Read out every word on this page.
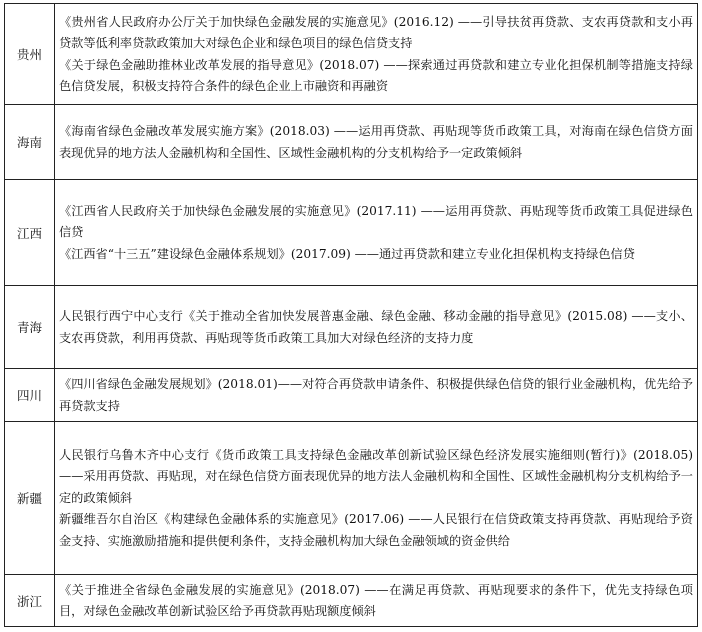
贵州	《贵州省人民政府办公厅关于加快绿色金融发展的实施意见》(2016.12) ——引导扶贫再贷款、支农再贷款和支小再贷款等低利率贷款政策加大对绿色企业和绿色项目的绿色信贷支持

《关于绿色金融助推林业改革发展的指导意见》(2018.07) ——探索通过再贷款和建立专业化担保机制等措施支持绿色信贷发展，积极支持符合条件的绿色企业上市融资和再融资

海南	《海南省绿色金融改革发展实施方案》(2018.03) ——运用再贷款、再贴现等货币政策工具，对海南在绿色信贷方面表现优异的地方法人金融机构和全国性、区域性金融机构的分支机构给予一定政策倾斜

江西	《江西省人民政府关于加快绿色金融发展的实施意见》(2017.11) ——运用再贷款、再贴现等货币政策工具促进绿色信贷

《江西省“十三五”建设绿色金融体系规划》(2017.09) ——通过再贷款和建立专业化担保机构支持绿色信贷

青海	人民银行西宁中心支行《关于推动全省加快发展普惠金融、绿色金融、移动金融的指导意见》(2015.08) ——支小、支农再贷款，利用再贷款、再贴现等货币政策工具加大对绿色经济的支持力度

四川	《四川省绿色金融发展规划》(2018.01)——对符合再贷款申请条件、积极提供绿色信贷的银行业金融机构，优先给予再贷款支持

新疆	人民银行乌鲁木齐中心支行《货币政策工具支持绿色金融改革创新试验区绿色经济发展实施细则(暂行)》(2018.05) ——采用再贷款、再贴现，对在绿色信贷方面表现优异的地方法人金融机构和全国性、区域性金融机构分支机构给予一定的政策倾斜

新疆维吾尔自治区《构建绿色金融体系的实施意见》(2017.06) ——人民银行在信贷政策支持再贷款、再贴现给予资金支持、实施激励措施和提供便利条件，支持金融机构加大绿色金融领域的资金供给

浙江	《关于推进全省绿色金融发展的实施意见》(2018.07) ——在满足再贷款、再贴现要求的条件下，优先支持绿色项目，对绿色金融改革创新试验区给予再贷款再贴现额度倾斜
